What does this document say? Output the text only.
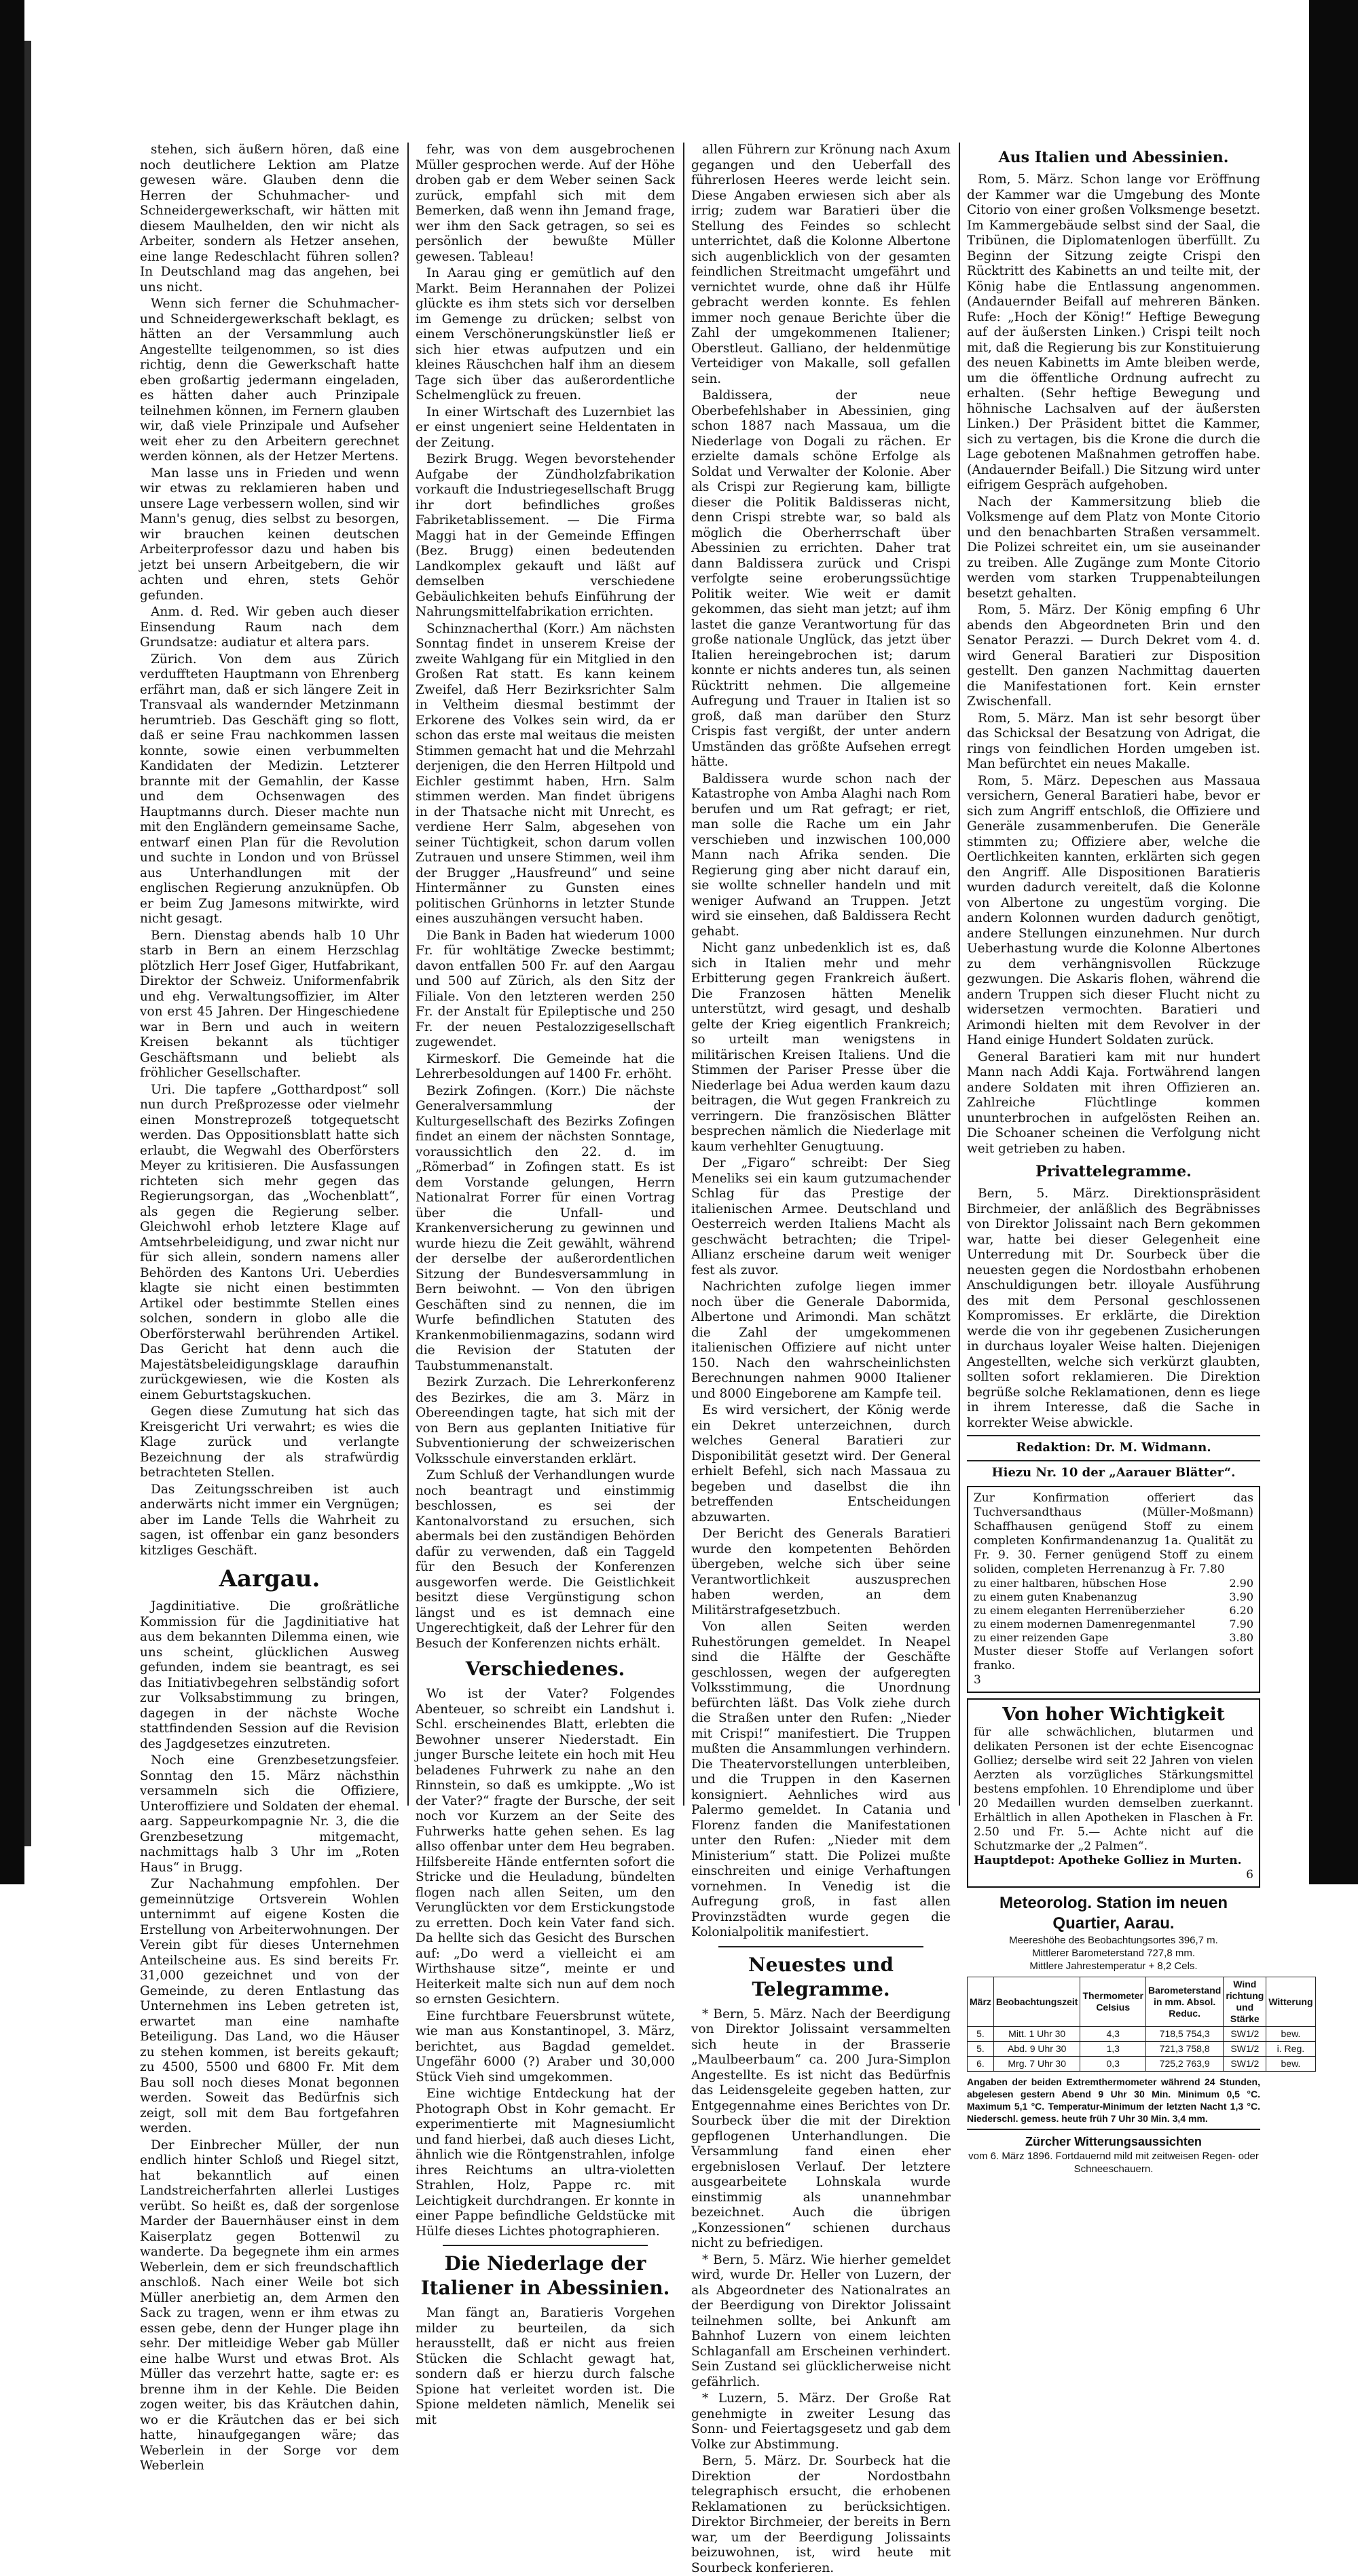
stehen, sich äußern hören, daß eine noch deutlichere Lektion am Platze gewesen wäre. Glauben denn die Herren der Schuhmacher- und Schneidergewerkschaft, wir hätten mit diesem Maulhelden, den wir nicht als Arbeiter, sondern als Hetzer ansehen, eine lange Redeschlacht führen sollen? In Deutschland mag das angehen, bei uns nicht.

Wenn sich ferner die Schuhmacher- und Schneidergewerkschaft beklagt, es hätten an der Versammlung auch Angestellte teilgenommen, so ist dies richtig, denn die Gewerkschaft hatte eben großartig jedermann eingeladen, es hätten daher auch Prinzipale teilnehmen können, im Fernern glauben wir, daß viele Prinzipale und Aufseher weit eher zu den Arbeitern gerechnet werden können, als der Hetzer Mertens.

Man lasse uns in Frieden und wenn wir etwas zu reklamieren haben und unsere Lage verbessern wollen, sind wir Mann's genug, dies selbst zu besorgen, wir brauchen keinen deutschen Arbeiterprofessor dazu und haben bis jetzt bei unsern Arbeitgebern, die wir achten und ehren, stets Gehör gefunden.

Anm. d. Red. Wir geben auch dieser Einsendung Raum nach dem Grundsatze: audiatur et altera pars.

Zürich. Von dem aus Zürich verduffteten Hauptmann von Ehrenberg erfährt man, daß er sich längere Zeit in Transvaal als wandernder Metzinmann herumtrieb. Das Geschäft ging so flott, daß er seine Frau nachkommen lassen konnte, sowie einen verbummelten Kandidaten der Medizin. Letzterer brannte mit der Gemahlin, der Kasse und dem Ochsenwagen des Hauptmanns durch. Dieser machte nun mit den Engländern gemeinsame Sache, entwarf einen Plan für die Revolution und suchte in London und von Brüssel aus Unterhandlungen mit der englischen Regierung anzuknüpfen. Ob er beim Zug Jamesons mitwirkte, wird nicht gesagt.

Bern. Dienstag abends halb 10 Uhr starb in Bern an einem Herzschlag plötzlich Herr Josef Giger, Hutfabrikant, Direktor der Schweiz. Uniformenfabrik und ehg. Verwaltungsoffizier, im Alter von erst 45 Jahren. Der Hingeschiedene war in Bern und auch in weitern Kreisen bekannt als tüchtiger Geschäftsmann und beliebt als fröhlicher Gesellschafter.

Uri. Die tapfere „Gotthardpost“ soll nun durch Preßprozesse oder vielmehr einen Monstreprozeß totgequetscht werden. Das Oppositionsblatt hatte sich erlaubt, die Wegwahl des Oberförsters Meyer zu kritisieren. Die Ausfassungen richteten sich mehr gegen das Regierungsorgan, das „Wochenblatt“, als gegen die Regierung selber. Gleichwohl erhob letztere Klage auf Amtsehrbeleidigung, und zwar nicht nur für sich allein, sondern namens aller Behörden des Kantons Uri. Ueberdies klagte sie nicht einen bestimmten Artikel oder bestimmte Stellen eines solchen, sondern in globo alle die Oberförsterwahl berührenden Artikel. Das Gericht hat denn auch die Majestätsbeleidigungsklage daraufhin zurückgewiesen, wie die Kosten als einem Geburtstagskuchen.

Gegen diese Zumutung hat sich das Kreisgericht Uri verwahrt; es wies die Klage zurück und verlangte Bezeichnung der als strafwürdig betrachteten Stellen.

Das Zeitungsschreiben ist auch anderwärts nicht immer ein Vergnügen; aber im Lande Tells die Wahrheit zu sagen, ist offenbar ein ganz besonders kitzliges Geschäft.

Aargau.

Jagdinitiative. Die großrätliche Kommission für die Jagdinitiative hat aus dem bekannten Dilemma einen, wie uns scheint, glücklichen Ausweg gefunden, indem sie beantragt, es sei das Initiativbegehren selbständig sofort zur Volksabstimmung zu bringen, dagegen in der nächste Woche stattfindenden Session auf die Revision des Jagdgesetzes einzutreten.

Noch eine Grenzbesetzungsfeier. Sonntag den 15. März nächsthin versammeln sich die Offiziere, Unteroffiziere und Soldaten der ehemal. aarg. Sappeurkompagnie Nr. 3, die die Grenzbesetzung mitgemacht, nachmittags halb 3 Uhr im „Roten Haus“ in Brugg.

Zur Nachahmung empfohlen. Der gemeinnützige Ortsverein Wohlen unternimmt auf eigene Kosten die Erstellung von Arbeiterwohnungen. Der Verein gibt für dieses Unternehmen Anteilscheine aus. Es sind bereits Fr. 31,000 gezeichnet und von der Gemeinde, zu deren Entlastung das Unternehmen ins Leben getreten ist, erwartet man eine namhafte Beteiligung. Das Land, wo die Häuser zu stehen kommen, ist bereits gekauft; zu 4500, 5500 und 6800 Fr. Mit dem Bau soll noch dieses Monat begonnen werden. Soweit das Bedürfnis sich zeigt, soll mit dem Bau fortgefahren werden.

Der Einbrecher Müller, der nun endlich hinter Schloß und Riegel sitzt, hat bekanntlich auf einen Landstreicherfahrten allerlei Lustiges verübt. So heißt es, daß der sorgenlose Marder der Bauernhäuser einst in dem Kaiserplatz gegen Bottenwil zu wanderte. Da begegnete ihm ein armes Weberlein, dem er sich freundschaftlich anschloß. Nach einer Weile bot sich Müller anerbietig an, dem Armen den Sack zu tragen, wenn er ihm etwas zu essen gebe, denn der Hunger plage ihn sehr. Der mitleidige Weber gab Müller eine halbe Wurst und etwas Brot. Als Müller das verzehrt hatte, sagte er: es brenne ihm in der Kehle. Die Beiden zogen weiter, bis das Kräutchen dahin, wo er die Kräutchen das er bei sich hatte, hinaufgegangen wäre; das Weberlein in der Sorge vor dem Weberlein

fehr, was von dem ausgebrochenen Müller gesprochen werde. Auf der Höhe droben gab er dem Weber seinen Sack zurück, empfahl sich mit dem Bemerken, daß wenn ihn Jemand frage, wer ihm den Sack getragen, so sei es persönlich der bewußte Müller gewesen. Tableau!

In Aarau ging er gemütlich auf den Markt. Beim Herannahen der Polizei glückte es ihm stets sich vor derselben im Gemenge zu drücken; selbst von einem Verschönerungskünstler ließ er sich hier etwas aufputzen und ein kleines Räuschchen half ihm an diesem Tage sich über das außerordentliche Schelmenglück zu freuen.

In einer Wirtschaft des Luzernbiet las er einst ungeniert seine Heldentaten in der Zeitung.

Bezirk Brugg. Wegen bevorstehender Aufgabe der Zündholzfabrikation vorkauft die Industriegesellschaft Brugg ihr dort befindliches großes Fabriketablissement. — Die Firma Maggi hat in der Gemeinde Effingen (Bez. Brugg) einen bedeutenden Landkomplex gekauft und läßt auf demselben verschiedene Gebäulichkeiten behufs Einführung der Nahrungsmittelfabrikation errichten.

Schinznacherthal (Korr.) Am nächsten Sonntag findet in unserem Kreise der zweite Wahlgang für ein Mitglied in den Großen Rat statt. Es kann keinem Zweifel, daß Herr Bezirksrichter Salm in Veltheim diesmal bestimmt der Erkorene des Volkes sein wird, da er schon das erste mal weitaus die meisten Stimmen gemacht hat und die Mehrzahl derjenigen, die den Herren Hiltpold und Eichler gestimmt haben, Hrn. Salm stimmen werden. Man findet übrigens in der Thatsache nicht mit Unrecht, es verdiene Herr Salm, abgesehen von seiner Tüchtigkeit, schon darum vollen Zutrauen und unsere Stimmen, weil ihm der Brugger „Hausfreund“ und seine Hintermänner zu Gunsten eines politischen Grünhorns in letzter Stunde eines auszuhängen versucht haben.

Die Bank in Baden hat wiederum 1000 Fr. für wohltätige Zwecke bestimmt; davon entfallen 500 Fr. auf den Aargau und 500 auf Zürich, als den Sitz der Filiale. Von den letzteren werden 250 Fr. der Anstalt für Epileptische und 250 Fr. der neuen Pestalozzigesellschaft zugewendet.

Kirmeskorf. Die Gemeinde hat die Lehrerbesoldungen auf 1400 Fr. erhöht.

Bezirk Zofingen. (Korr.) Die nächste Generalversammlung der Kulturgesellschaft des Bezirks Zofingen findet an einem der nächsten Sonntage, voraussichtlich den 22. d. im „Römerbad“ in Zofingen statt. Es ist dem Vorstande gelungen, Herrn Nationalrat Forrer für einen Vortrag über die Unfall- und Krankenversicherung zu gewinnen und wurde hiezu die Zeit gewählt, während der derselbe der außerordentlichen Sitzung der Bundesversammlung in Bern beiwohnt. — Von den übrigen Geschäften sind zu nennen, die im Wurfe befindlichen Statuten des Krankenmobilienmagazins, sodann wird die Revision der Statuten der Taubstummenanstalt.

Bezirk Zurzach. Die Lehrerkonferenz des Bezirkes, die am 3. März in Obereendingen tagte, hat sich mit der von Bern aus geplanten Initiative für Subventionierung der schweizerischen Volksschule einverstanden erklärt.

Zum Schluß der Verhandlungen wurde noch beantragt und einstimmig beschlossen, es sei der Kantonalvorstand zu ersuchen, sich abermals bei den zuständigen Behörden dafür zu verwenden, daß ein Taggeld für den Besuch der Konferenzen ausgeworfen werde. Die Geistlichkeit besitzt diese Vergünstigung schon längst und es ist demnach eine Ungerechtigkeit, daß der Lehrer für den Besuch der Konferenzen nichts erhält.

Verschiedenes.

Wo ist der Vater? Folgendes Abenteuer, so schreibt ein Landshut i. Schl. erscheinendes Blatt, erlebten die Bewohner unserer Niederstadt. Ein junger Bursche leitete ein hoch mit Heu beladenes Fuhrwerk zu nahe an den Rinnstein, so daß es umkippte. „Wo ist der Vater?“ fragte der Bursche, der seit noch vor Kurzem an der Seite des Fuhrwerks hatte gehen sehen. Es lag allso offenbar unter dem Heu begraben. Hilfsbereite Hände entfernten sofort die Stricke und die Heuladung, bündelten flogen nach allen Seiten, um den Verunglückten vor dem Erstickungstode zu erretten. Doch kein Vater fand sich. Da hellte sich das Gesicht des Burschen auf: „Do werd a vielleicht ei am Wirthshause sitze“, meinte er und Heiterkeit malte sich nun auf dem noch so ernsten Gesichtern.

Eine furchtbare Feuersbrunst wütete, wie man aus Konstantinopel, 3. März, berichtet, aus Bagdad gemeldet. Ungefähr 6000 (?) Araber und 30,000 Stück Vieh sind umgekommen.

Eine wichtige Entdeckung hat der Photograph Obst in Kohr gemacht. Er experimentierte mit Magnesiumlicht und fand hierbei, daß auch dieses Licht, ähnlich wie die Röntgenstrahlen, infolge ihres Reichtums an ultra-violetten Strahlen, Holz, Pappe rc. mit Leichtigkeit durchdrangen. Er konnte in einer Pappe befindliche Geldstücke mit Hülfe dieses Lichtes photographieren.

Die Niederlage der Italiener in Abessinien.

Man fängt an, Baratieris Vorgehen milder zu beurteilen, da sich herausstellt, daß er nicht aus freien Stücken die Schlacht gewagt hat, sondern daß er hierzu durch falsche Spione hat verleitet worden ist. Die Spione meldeten nämlich, Menelik sei mit

allen Führern zur Krönung nach Axum gegangen und den Ueberfall des führerlosen Heeres werde leicht sein. Diese Angaben erwiesen sich aber als irrig; zudem war Baratieri über die Stellung des Feindes so schlecht unterrichtet, daß die Kolonne Albertone sich augenblicklich von der gesamten feindlichen Streitmacht umgefährt und vernichtet wurde, ohne daß ihr Hülfe gebracht werden konnte. Es fehlen immer noch genaue Berichte über die Zahl der umgekommenen Italiener; Oberstleut. Galliano, der heldenmütige Verteidiger von Makalle, soll gefallen sein.

Baldissera, der neue Oberbefehlshaber in Abessinien, ging schon 1887 nach Massaua, um die Niederlage von Dogali zu rächen. Er erzielte damals schöne Erfolge als Soldat und Verwalter der Kolonie. Aber als Crispi zur Regierung kam, billigte dieser die Politik Baldisseras nicht, denn Crispi strebte war, so bald als möglich die Oberherrschaft über Abessinien zu errichten. Daher trat dann Baldissera zurück und Crispi verfolgte seine eroberungssüchtige Politik weiter. Wie weit er damit gekommen, das sieht man jetzt; auf ihm lastet die ganze Verantwortung für das große nationale Unglück, das jetzt über Italien hereingebrochen ist; darum konnte er nichts anderes tun, als seinen Rücktritt nehmen. Die allgemeine Aufregung und Trauer in Italien ist so groß, daß man darüber den Sturz Crispis fast vergißt, der unter andern Umständen das größte Aufsehen erregt hätte.

Baldissera wurde schon nach der Katastrophe von Amba Alaghi nach Rom berufen und um Rat gefragt; er riet, man solle die Rache um ein Jahr verschieben und inzwischen 100,000 Mann nach Afrika senden. Die Regierung ging aber nicht darauf ein, sie wollte schneller handeln und mit weniger Aufwand an Truppen. Jetzt wird sie einsehen, daß Baldissera Recht gehabt.

Nicht ganz unbedenklich ist es, daß sich in Italien mehr und mehr Erbitterung gegen Frankreich äußert. Die Franzosen hätten Menelik unterstützt, wird gesagt, und deshalb gelte der Krieg eigentlich Frankreich; so urteilt man wenigstens in militärischen Kreisen Italiens. Und die Stimmen der Pariser Presse über die Niederlage bei Adua werden kaum dazu beitragen, die Wut gegen Frankreich zu verringern. Die französischen Blätter besprechen nämlich die Niederlage mit kaum verhehlter Genugtuung.

Der „Figaro“ schreibt: Der Sieg Meneliks sei ein kaum gutzumachender Schlag für das Prestige der italienischen Armee. Deutschland und Oesterreich werden Italiens Macht als geschwächt betrachten; die Tripel-Allianz erscheine darum weit weniger fest als zuvor.

Nachrichten zufolge liegen immer noch über die Generale Dabormida, Albertone und Arimondi. Man schätzt die Zahl der umgekommenen italienischen Offiziere auf nicht unter 150. Nach den wahrscheinlichsten Berechnungen nahmen 9000 Italiener und 8000 Eingeborene am Kampfe teil.

Es wird versichert, der König werde ein Dekret unterzeichnen, durch welches General Baratieri zur Disponibilität gesetzt wird. Der General erhielt Befehl, sich nach Massaua zu begeben und daselbst die ihn betreffenden Entscheidungen abzuwarten.

Der Bericht des Generals Baratieri wurde den kompetenten Behörden übergeben, welche sich über seine Verantwortlichkeit auszusprechen haben werden, an dem Militärstrafgesetzbuch.

Von allen Seiten werden Ruhestörungen gemeldet. In Neapel sind die Hälfte der Geschäfte geschlossen, wegen der aufgeregten Volksstimmung, die Unordnung befürchten läßt. Das Volk ziehe durch die Straßen unter den Rufen: „Nieder mit Crispi!“ manifestiert. Die Truppen mußten die Ansammlungen verhindern. Die Theatervorstellungen unterbleiben, und die Truppen in den Kasernen konsigniert. Aehnliches wird aus Palermo gemeldet. In Catania und Florenz fanden die Manifestationen unter den Rufen: „Nieder mit dem Ministerium“ statt. Die Polizei mußte einschreiten und einige Verhaftungen vornehmen. In Venedig ist die Aufregung groß, in fast allen Provinzstädten wurde gegen die Kolonialpolitik manifestiert.

Neuestes und Telegramme.

* Bern, 5. März. Nach der Beerdigung von Direktor Jolissaint versammelten sich heute in der Brasserie „Maulbeerbaum“ ca. 200 Jura-Simplon Angestellte. Es ist nicht das Bedürfnis das Leidensgeleite gegeben hatten, zur Entgegennahme eines Berichtes von Dr. Sourbeck über die mit der Direktion gepflogenen Unterhandlungen. Die Versammlung fand einen eher ergebnislosen Verlauf. Der letztere ausgearbeitete Lohnskala wurde einstimmig als unannehmbar bezeichnet. Auch die übrigen „Konzessionen“ schienen durchaus nicht zu befriedigen.

* Bern, 5. März. Wie hierher gemeldet wird, wurde Dr. Heller von Luzern, der als Abgeordneter des Nationalrates an der Beerdigung von Direktor Jolissaint teilnehmen sollte, bei Ankunft am Bahnhof Luzern von einem leichten Schlaganfall am Erscheinen verhindert. Sein Zustand sei glücklicherweise nicht gefährlich.

* Luzern, 5. März. Der Große Rat genehmigte in zweiter Lesung das Sonn- und Feiertagsgesetz und gab dem Volke zur Abstimmung.

Bern, 5. März. Dr. Sourbeck hat die Direktion der Nordostbahn telegraphisch ersucht, die erhobenen Reklamationen zu berücksichtigen. Direktor Birchmeier, der bereits in Bern war, um der Beerdigung Jolissaints beizuwohnen, ist, wird heute mit Sourbeck konferieren.

Aus Italien und Abessinien.

Rom, 5. März. Schon lange vor Eröffnung der Kammer war die Umgebung des Monte Citorio von einer großen Volksmenge besetzt. Im Kammergebäude selbst sind der Saal, die Tribünen, die Diplomatenlogen überfüllt. Zu Beginn der Sitzung zeigte Crispi den Rücktritt des Kabinetts an und teilte mit, der König habe die Entlassung angenommen. (Andauernder Beifall auf mehreren Bänken. Rufe: „Hoch der König!“ Heftige Bewegung auf der äußersten Linken.) Crispi teilt noch mit, daß die Regierung bis zur Konstituierung des neuen Kabinetts im Amte bleiben werde, um die öffentliche Ordnung aufrecht zu erhalten. (Sehr heftige Bewegung und höhnische Lachsalven auf der äußersten Linken.) Der Präsident bittet die Kammer, sich zu vertagen, bis die Krone die durch die Lage gebotenen Maßnahmen getroffen habe. (Andauernder Beifall.) Die Sitzung wird unter eifrigem Gespräch aufgehoben.

Nach der Kammersitzung blieb die Volksmenge auf dem Platz von Monte Citorio und den benachbarten Straßen versammelt. Die Polizei schreitet ein, um sie auseinander zu treiben. Alle Zugänge zum Monte Citorio werden vom starken Truppenabteilungen besetzt gehalten.

Rom, 5. März. Der König empfing 6 Uhr abends den Abgeordneten Brin und den Senator Perazzi. — Durch Dekret vom 4. d. wird General Baratieri zur Disposition gestellt. Den ganzen Nachmittag dauerten die Manifestationen fort. Kein ernster Zwischenfall.

Rom, 5. März. Man ist sehr besorgt über das Schicksal der Besatzung von Adrigat, die rings von feindlichen Horden umgeben ist. Man befürchtet ein neues Makalle.

Rom, 5. März. Depeschen aus Massaua versichern, General Baratieri habe, bevor er sich zum Angriff entschloß, die Offiziere und Generäle zusammenberufen. Die Generäle stimmten zu; Offiziere aber, welche die Oertlichkeiten kannten, erklärten sich gegen den Angriff. Alle Dispositionen Baratieris wurden dadurch vereitelt, daß die Kolonne von Albertone zu ungestüm vorging. Die andern Kolonnen wurden dadurch genötigt, andere Stellungen einzunehmen. Nur durch Ueberhastung wurde die Kolonne Albertones zu dem verhängnisvollen Rückzuge gezwungen. Die Askaris flohen, während die andern Truppen sich dieser Flucht nicht zu widersetzen vermochten. Baratieri und Arimondi hielten mit dem Revolver in der Hand einige Hundert Soldaten zurück.

General Baratieri kam mit nur hundert Mann nach Addi Kaja. Fortwährend langen andere Soldaten mit ihren Offizieren an. Zahlreiche Flüchtlinge kommen ununterbrochen in aufgelösten Reihen an. Die Schoaner scheinen die Verfolgung nicht weit getrieben zu haben.

Privattelegramme.

Bern, 5. März. Direktionspräsident Birchmeier, der anläßlich des Begräbnisses von Direktor Jolissaint nach Bern gekommen war, hatte bei dieser Gelegenheit eine Unterredung mit Dr. Sourbeck über die neuesten gegen die Nordostbahn erhobenen Anschuldigungen betr. illoyale Ausführung des mit dem Personal geschlossenen Kompromisses. Er erklärte, die Direktion werde die von ihr gegebenen Zusicherungen in durchaus loyaler Weise halten. Diejenigen Angestellten, welche sich verkürzt glaubten, sollten sofort reklamieren. Die Direktion begrüße solche Reklamationen, denn es liege in ihrem Interesse, daß die Sache in korrekter Weise abwickle.

Redaktion: Dr. M. Widmann.
Hiezu Nr. 10 der „Aarauer Blätter“.
Zur Konfirmation offeriert das Tuchversandthaus (Müller-Moßmann) Schaffhausen genügend Stoff zu einem completen Konfirmandenanzug 1a. Qualität zu Fr. 9. 30. Ferner genügend Stoff zu einem soliden, completen Herrenanzug à Fr. 7.80
zu einer haltbaren, hübschen Hose	2.90
zu einem guten Knabenanzug	3.90
zu einem eleganten Herrenüberzieher	6.20
zu einem modernen Damenregenmantel	7.90
zu einer reizenden Gape	3.80
Muster dieser Stoffe auf Verlangen sofort franko.
3
Von hoher Wichtigkeit
für alle schwächlichen, blutarmen und delikaten Personen ist der echte Eisencognac Golliez; derselbe wird seit 22 Jahren von vielen Aerzten als vorzügliches Stärkungsmittel bestens empfohlen. 10 Ehrendiplome und über 20 Medaillen wurden demselben zuerkannt. Erhältlich in allen Apotheken in Flaschen à Fr. 2.50 und Fr. 5.— Achte nicht auf die Schutzmarke der „2 Palmen“.
Hauptdepot: Apotheke Golliez in Murten.
6
Meteorolog. Station im neuen Quartier, Aarau.
Meereshöhe des Beobachtungsortes 396,7 m.
Mittlerer Barometerstand 727,8 mm.
Mittlere Jahrestemperatur + 8,2 Cels.
März	Beobachtungszeit	Thermometer Celsius	Barometerstand in mm. Absol. Reduc.	Wind richtung und Stärke	Witterung
5.	Mitt. 1 Uhr 30	4,3	718,5 754,3	SW1/2	bew.
5.	Abd. 9 Uhr 30	1,3	721,3 758,8	SW1/2	i. Reg.
6.	Mrg. 7 Uhr 30	0,3	725,2 763,9	SW1/2	bew.
Angaben der beiden Extremthermometer während 24 Stunden, abgelesen gestern Abend 9 Uhr 30 Min. Minimum 0,5 °C. Maximum 5,1 °C. Temperatur-Minimum der letzten Nacht 1,3 °C. Niederschl. gemess. heute früh 7 Uhr 30 Min. 3,4 mm.
Zürcher Witterungsaussichten
vom 6. März 1896. Fortdauernd mild mit zeitweisen Regen- oder Schneeschauern.
